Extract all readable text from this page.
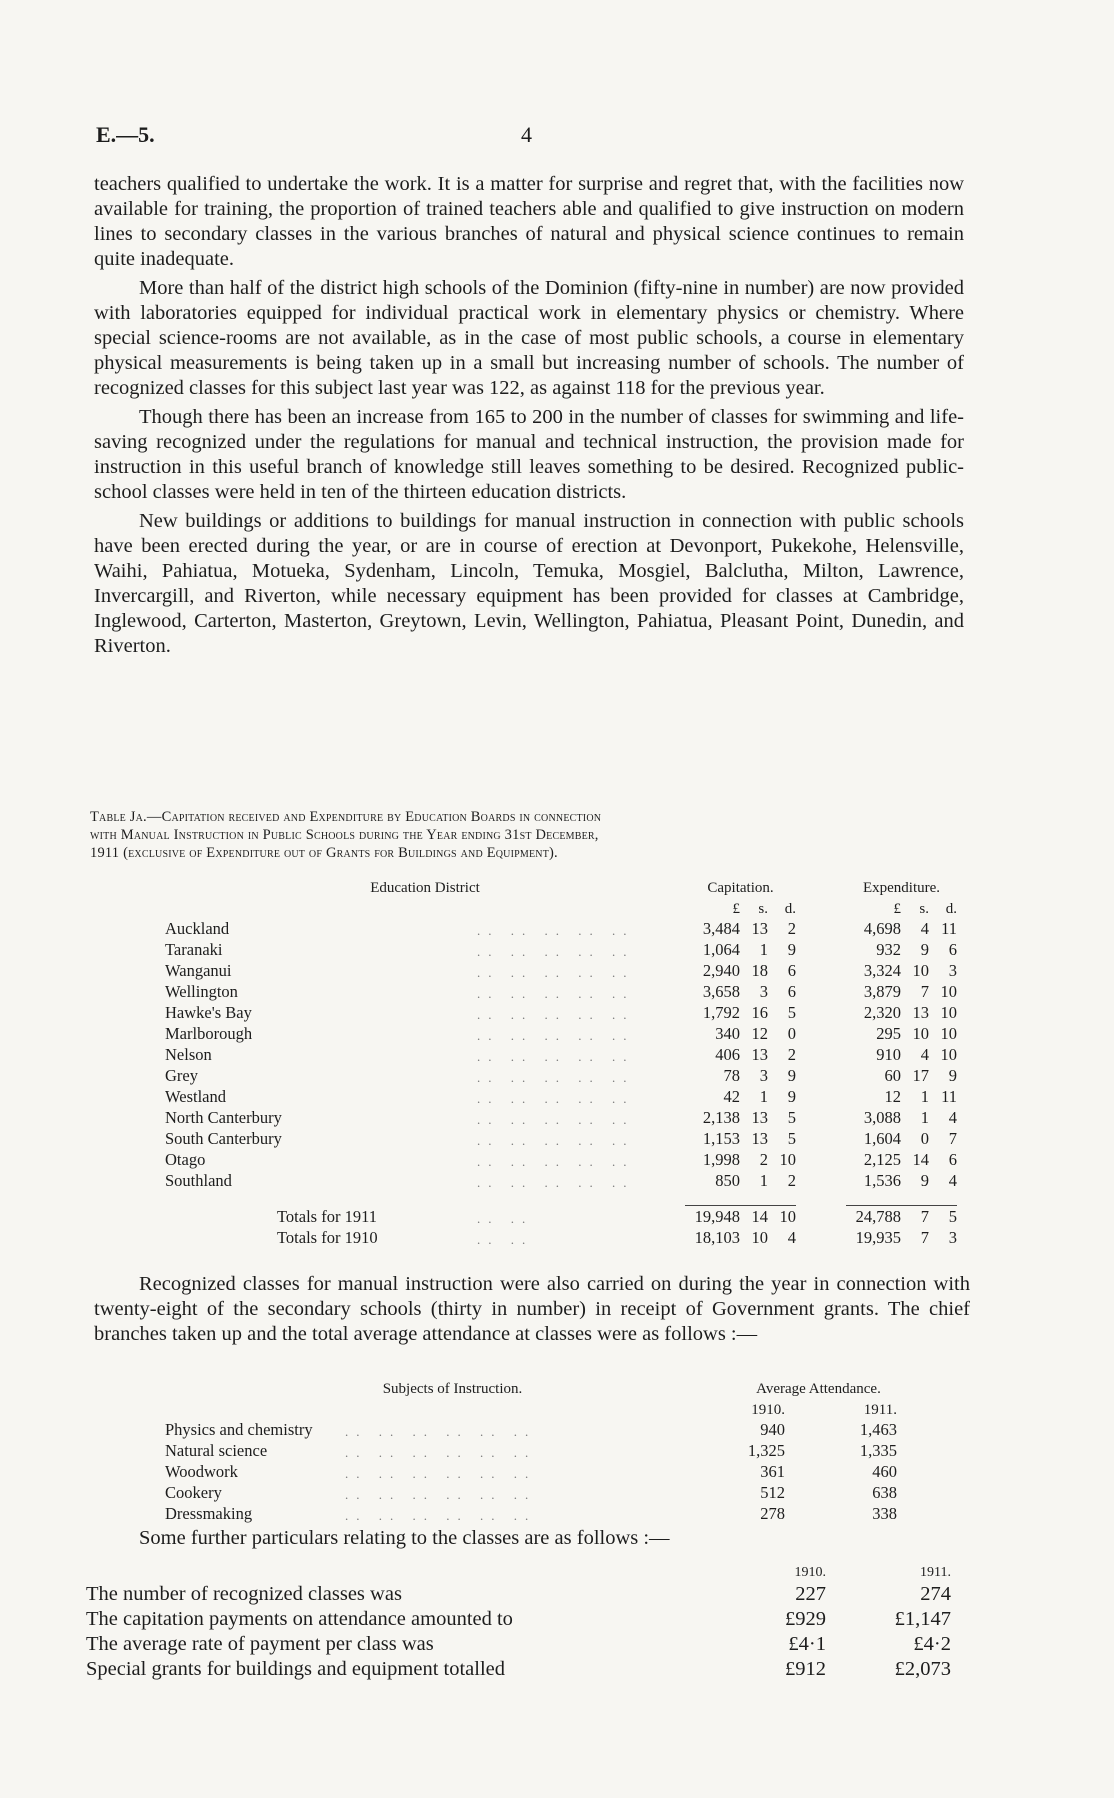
E.—5.	4

teachers qualified to undertake the work. It is a matter for surprise and regret that, with the facilities now available for training, the proportion of trained teachers able and qualified to give instruction on modern lines to secondary classes in the various branches of natural and physical science continues to remain quite inadequate.

More than half of the district high schools of the Dominion (fifty-nine in number) are now provided with laboratories equipped for individual practical work in elementary physics or chemistry. Where special science-rooms are not available, as in the case of most public schools, a course in elementary physical measurements is being taken up in a small but increasing number of schools. The number of recognized classes for this subject last year was 122, as against 118 for the previous year.

Though there has been an increase from 165 to 200 in the number of classes for swimming and life-saving recognized under the regulations for manual and technical instruction, the provision made for instruction in this useful branch of knowledge still leaves something to be desired. Recognized public-school classes were held in ten of the thirteen education districts.

New buildings or additions to buildings for manual instruction in connection with public schools have been erected during the year, or are in course of erection at Devonport, Pukekohe, Helensville, Waihi, Pahiatua, Motueka, Sydenham, Lincoln, Temuka, Mosgiel, Balclutha, Milton, Lawrence, Invercargill, and Riverton, while necessary equipment has been provided for classes at Cambridge, Inglewood, Carterton, Masterton, Greytown, Levin, Wellington, Pahiatua, Pleasant Point, Dunedin, and Riverton.

Table Ja.—Capitation received and Expenditure by Education Boards in connection
with Manual Instruction in Public Schools during the Year ending 31st December,
1911 (exclusive of Expenditure out of Grants for Buildings and Equipment).
Education District		Capitation.				Expenditure.		
		£	s.	d.		£	s.	d.
Auckland	.. .. .. .. ..	3,484	13	2		4,698	4	11
Taranaki	.. .. .. .. ..	1,064	1	9		932	9	6
Wanganui	.. .. .. .. ..	2,940	18	6		3,324	10	3
Wellington	.. .. .. .. ..	3,658	3	6		3,879	7	10
Hawke's Bay	.. .. .. .. ..	1,792	16	5		2,320	13	10
Marlborough	.. .. .. .. ..	340	12	0		295	10	10
Nelson	.. .. .. .. ..	406	13	2		910	4	10
Grey	.. .. .. .. ..	78	3	9		60	17	9
Westland	.. .. .. .. ..	42	1	9		12	1	11
North Canterbury	.. .. .. .. ..	2,138	13	5		3,088	1	4
South Canterbury	.. .. .. .. ..	1,153	13	5		1,604	0	7
Otago	.. .. .. .. ..	1,998	2	10		2,125	14	6
Southland	.. .. .. .. ..	850	1	2		1,536	9	4

Totals for 1911	.. ..	19,948	14	10		24,788	7	5
Totals for 1910	.. ..	18,103	10	4		19,935	7	3

Recognized classes for manual instruction were also carried on during the year in connection with twenty-eight of the secondary schools (thirty in number) in receipt of Government grants. The chief branches taken up and the total average attendance at classes were as follows :—

Subjects of Instruction.		Average Attendance.	
		1910.	1911.
Physics and chemistry	.. .. .. .. .. ..	940	1,463
Natural science	.. .. .. .. .. ..	1,325	1,335
Woodwork	.. .. .. .. .. ..	361	460
Cookery	.. .. .. .. .. ..	512	638
Dressmaking	.. .. .. .. .. ..	278	338

Some further particulars relating to the classes are as follows :—

	1910.	1911.
The number of recognized classes was	227	274
The capitation payments on attendance amounted to	£929	£1,147
The average rate of payment per class was	£4·1	£4·2
Special grants for buildings and equipment totalled	£912	£2,073
